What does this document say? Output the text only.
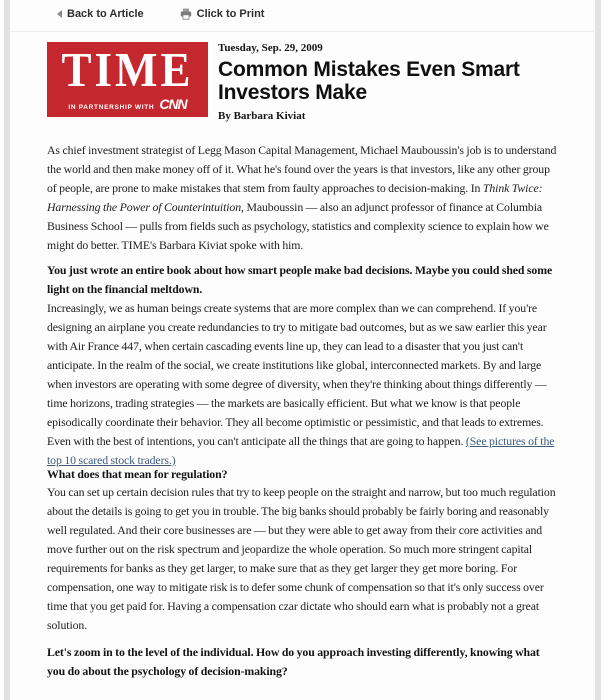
Back to Article	Click to Print
TIME
IN PARTNERSHIP WITH CNN
Tuesday, Sep. 29, 2009
Common Mistakes Even Smart Investors Make
By Barbara Kiviat

As chief investment strategist of Legg Mason Capital Management, Michael Mauboussin's job is to understand the world and then make money off of it. What he's found over the years is that investors, like any other group of people, are prone to make mistakes that stem from faulty approaches to decision-making. In Think Twice: Harnessing the Power of Counterintuition, Mauboussin — also an adjunct professor of finance at Columbia Business School — pulls from fields such as psychology, statistics and complexity science to explain how we might do better. TIME's Barbara Kiviat spoke with him.

You just wrote an entire book about how smart people make bad decisions. Maybe you could shed some light on the financial meltdown.

Increasingly, we as human beings create systems that are more complex than we can comprehend. If you're designing an airplane you create redundancies to try to mitigate bad outcomes, but as we saw earlier this year with Air France 447, when certain cascading events line up, they can lead to a disaster that you just can't anticipate. In the realm of the social, we create institutions like global, interconnected markets. By and large when investors are operating with some degree of diversity, when they're thinking about things differently — time horizons, trading strategies — the markets are basically efficient. But what we know is that people episodically coordinate their behavior. They all become optimistic or pessimistic, and that leads to extremes. Even with the best of intentions, you can't anticipate all the things that are going to happen. (See pictures of the top 10 scared stock traders.)

What does that mean for regulation?

You can set up certain decision rules that try to keep people on the straight and narrow, but too much regulation about the details is going to get you in trouble. The big banks should probably be fairly boring and reasonably well regulated. And their core businesses are — but they were able to get away from their core activities and move further out on the risk spectrum and jeopardize the whole operation. So much more stringent capital requirements for banks as they get larger, to make sure that as they get larger they get more boring. For compensation, one way to mitigate risk is to defer some chunk of compensation so that it's only success over time that you get paid for. Having a compensation czar dictate who should earn what is probably not a great solution.

Let's zoom in to the level of the individual. How do you approach investing differently, knowing what you do about the psychology of decision-making?
